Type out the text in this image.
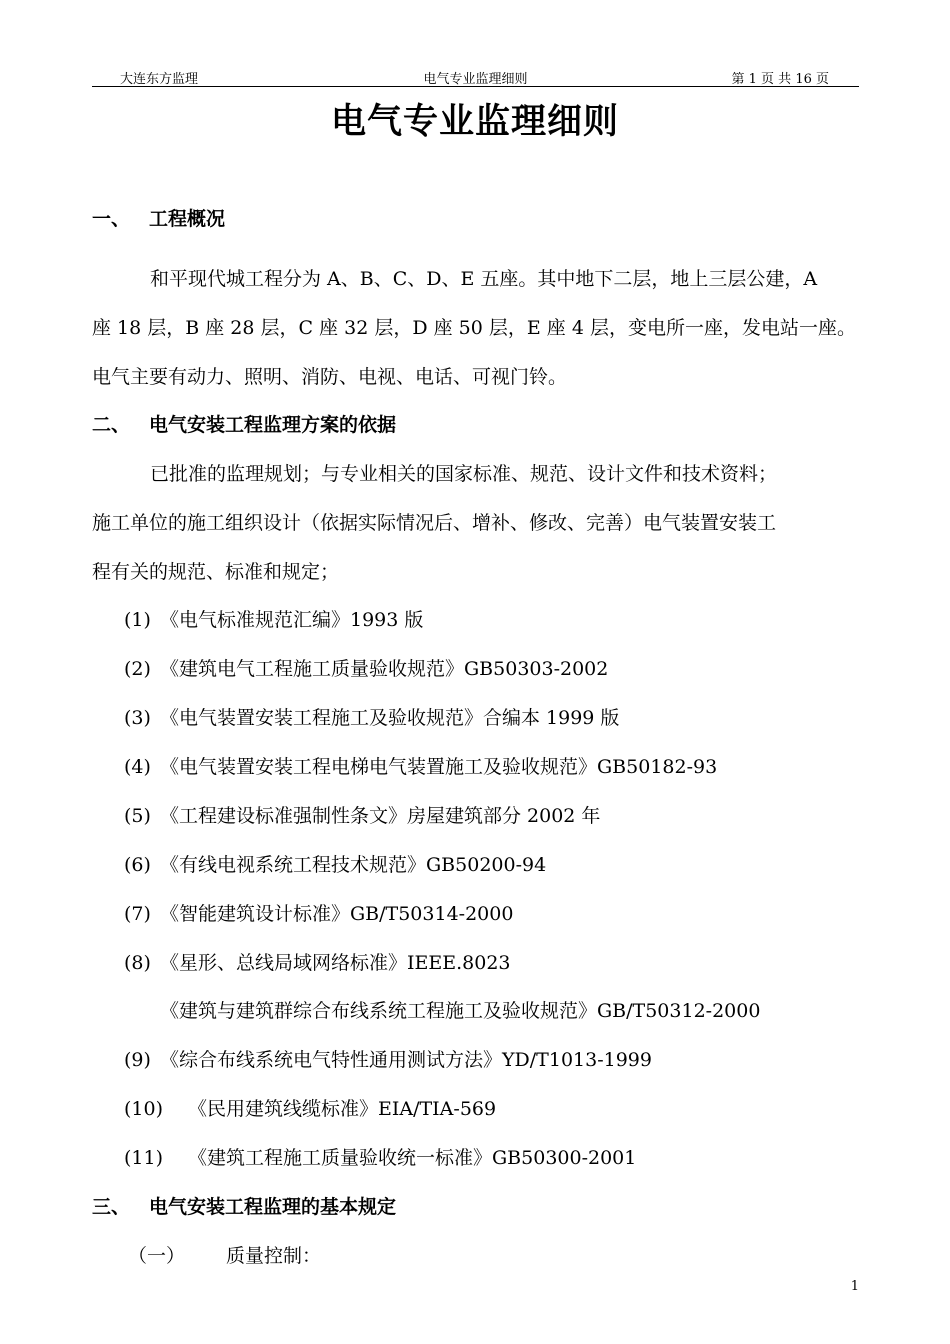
大连东方监理	电气专业监理细则	第 1 页 共 16 页
电气专业监理细则
一、 工程概况
和平现代城工程分为 A、B、C、D、E 五座。其中地下二层，地上三层公建，A
座 18 层，B 座 28 层，C 座 32 层，D 座 50 层，E 座 4 层，变电所一座，发电站一座。
电气主要有动力、照明、消防、电视、电话、可视门铃。
二、 电气安装工程监理方案的依据
已批准的监理规划；与专业相关的国家标准、规范、设计文件和技术资料；
施工单位的施工组织设计（依据实际情况后、增补、修改、完善）电气装置安装工
程有关的规范、标准和规定；
(1) 《电气标准规范汇编》1993 版
(2) 《建筑电气工程施工质量验收规范》GB50303-2002
(3) 《电气装置安装工程施工及验收规范》合编本 1999 版
(4) 《电气装置安装工程电梯电气装置施工及验收规范》GB50182-93
(5) 《工程建设标准强制性条文》房屋建筑部分 2002 年
(6) 《有线电视系统工程技术规范》GB50200-94
(7) 《智能建筑设计标准》GB/T50314-2000
(8) 《星形、总线局域网络标准》IEEE.8023
《建筑与建筑群综合布线系统工程施工及验收规范》GB/T50312-2000
(9) 《综合布线系统电气特性通用测试方法》YD/T1013-1999
(10) 《民用建筑线缆标准》EIA/TIA-569
(11) 《建筑工程施工质量验收统一标准》GB50300-2001
三、 电气安装工程监理的基本规定
（一） 质量控制：
1
